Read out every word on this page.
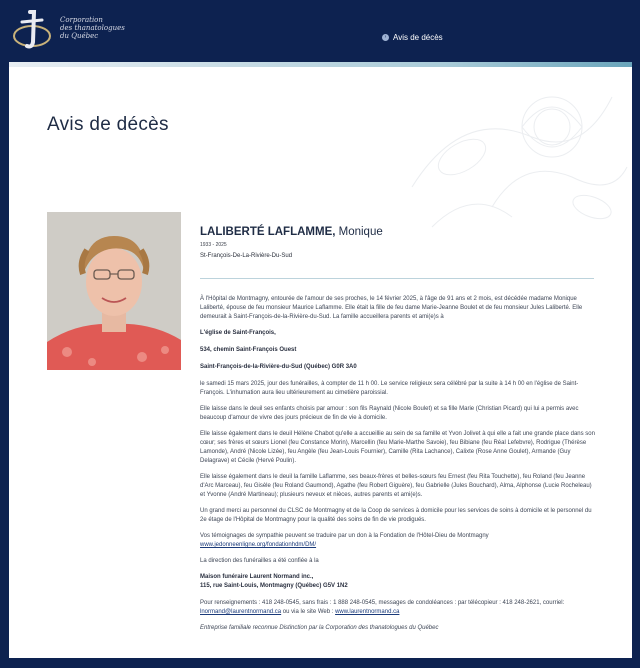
Corporation
des thanatologues
du Québec	› Avis de décès
Avis de décès
LALIBERTÉ LAFLAMME, Monique
1933 - 2025
St-François-De-La-Rivière-Du-Sud

À l'Hôpital de Montmagny, entourée de l'amour de ses proches, le 14 février 2025, à l'âge de 91 ans et 2 mois, est décédée madame Monique Laliberté, épouse de feu monsieur Maurice Laflamme. Elle était la fille de feu dame Marie-Jeanne Boulet et de feu monsieur Jules Laliberté. Elle demeurait à Saint-François-de-la-Rivière-du-Sud. La famille accueillera parents et ami(e)s à

L'église de Saint-François,

534, chemin Saint-François Ouest

Saint-François-de-la-Rivière-du-Sud (Québec) G0R 3A0

le samedi 15 mars 2025, jour des funérailles, à compter de 11 h 00. Le service religieux sera célébré par la suite à 14 h 00 en l'église de Saint-François. L'inhumation aura lieu ultérieurement au cimetière paroissial.

Elle laisse dans le deuil ses enfants choisis par amour : son fils Raynald (Nicole Boulet) et sa fille Marie (Christian Picard) qui lui a permis avec beaucoup d'amour de vivre des jours précieux de fin de vie à domicile.

Elle laisse également dans le deuil Hélène Chabot qu'elle a accueillie au sein de sa famille et Yvon Jolivet à qui elle a fait une grande place dans son cœur; ses frères et sœurs Lionel (feu Constance Morin), Marcellin (feu Marie-Marthe Savoie), feu Bibiane (feu Réal Lefebvre), Rodrigue (Thérèse Lamonde), André (Nicole Lizée), feu Angèle (feu Jean-Louis Fournier), Camille (Rita Lachance), Calixte (Rose Anne Goulet), Armande (Guy Delagrave) et Cécile (Hervé Poulin).

Elle laisse également dans le deuil la famille Laflamme, ses beaux-frères et belles-sœurs feu Ernest (feu Rita Touchette), feu Roland (feu Jeanne d'Arc Marceau), feu Gisèle (feu Roland Gaumond), Agathe (feu Robert Giguère), feu Gabrielle (Jules Bouchard), Alma, Alphonse (Lucie Rocheleau) et Yvonne (André Martineau); plusieurs neveux et nièces, autres parents et ami(e)s.

Un grand merci au personnel du CLSC de Montmagny et de la Coop de services à domicile pour les services de soins à domicile et le personnel du 2e étage de l'Hôpital de Montmagny pour la qualité des soins de fin de vie prodigués.

Vos témoignages de sympathie peuvent se traduire par un don à la Fondation de l'Hôtel-Dieu de Montmagny www.jedonneenligne.org/fondationhdm/DM/

La direction des funérailles a été confiée à la

Maison funéraire Laurent Normand inc.,

115, rue Saint-Louis, Montmagny (Québec) G5V 1N2

Pour renseignements : 418 248-0545, sans frais : 1 888 248-0545, messages de condoléances : par télécopieur : 418 248-2621, courriel: lnormand@laurentnormand.ca ou via le site Web : www.laurentnormand.ca

Entreprise familiale reconnue Distinction par la Corporation des thanatologues du Québec
